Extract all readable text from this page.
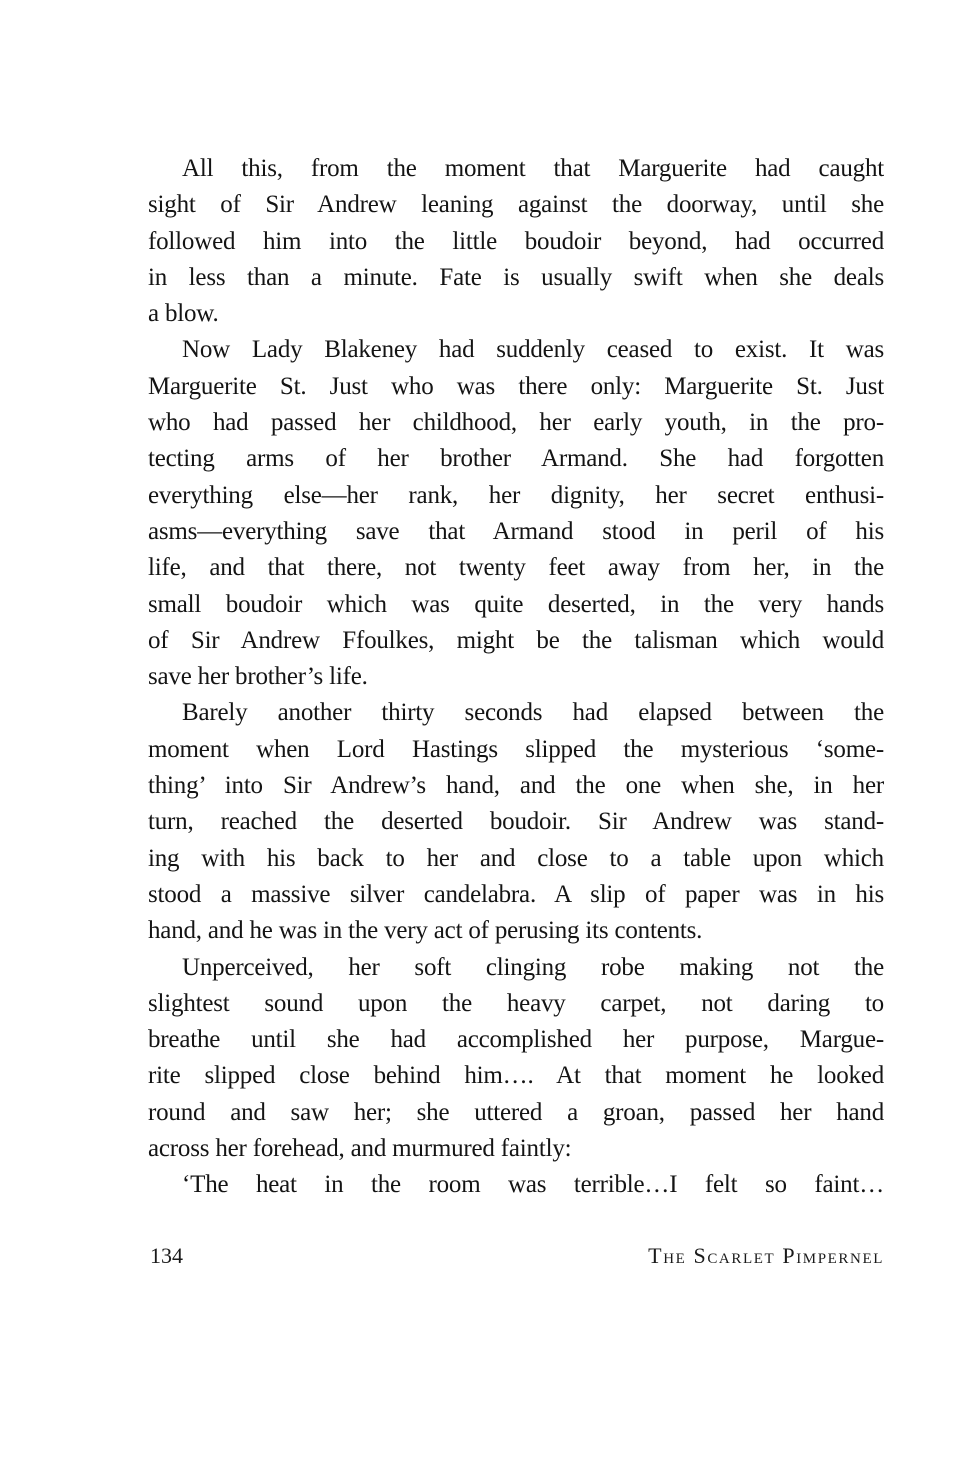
All this, from the moment that Marguerite had caught
sight of Sir Andrew leaning against the doorway, until she
followed him into the little boudoir beyond, had occurred
in less than a minute. Fate is usually swift when she deals
a blow.
Now Lady Blakeney had suddenly ceased to exist. It was
Marguerite St. Just who was there only: Marguerite St. Just
who had passed her childhood, her early youth, in the pro-
tecting arms of her brother Armand. She had forgotten
everything else—her rank, her dignity, her secret enthusi-
asms—everything save that Armand stood in peril of his
life, and that there, not twenty feet away from her, in the
small boudoir which was quite deserted, in the very hands
of Sir Andrew Ffoulkes, might be the talisman which would
save her brother’s life.
Barely another thirty seconds had elapsed between the
moment when Lord Hastings slipped the mysterious ‘some-
thing’ into Sir Andrew’s hand, and the one when she, in her
turn, reached the deserted boudoir. Sir Andrew was stand-
ing with his back to her and close to a table upon which
stood a massive silver candelabra. A slip of paper was in his
hand, and he was in the very act of perusing its contents.
Unperceived, her soft clinging robe making not the
slightest sound upon the heavy carpet, not daring to
breathe until she had accomplished her purpose, Margue-
rite slipped close behind him…. At that moment he looked
round and saw her; she uttered a groan, passed her hand
across her forehead, and murmured faintly:
‘The heat in the room was terrible…I felt so faint…
134	The Scarlet Pimpernel
